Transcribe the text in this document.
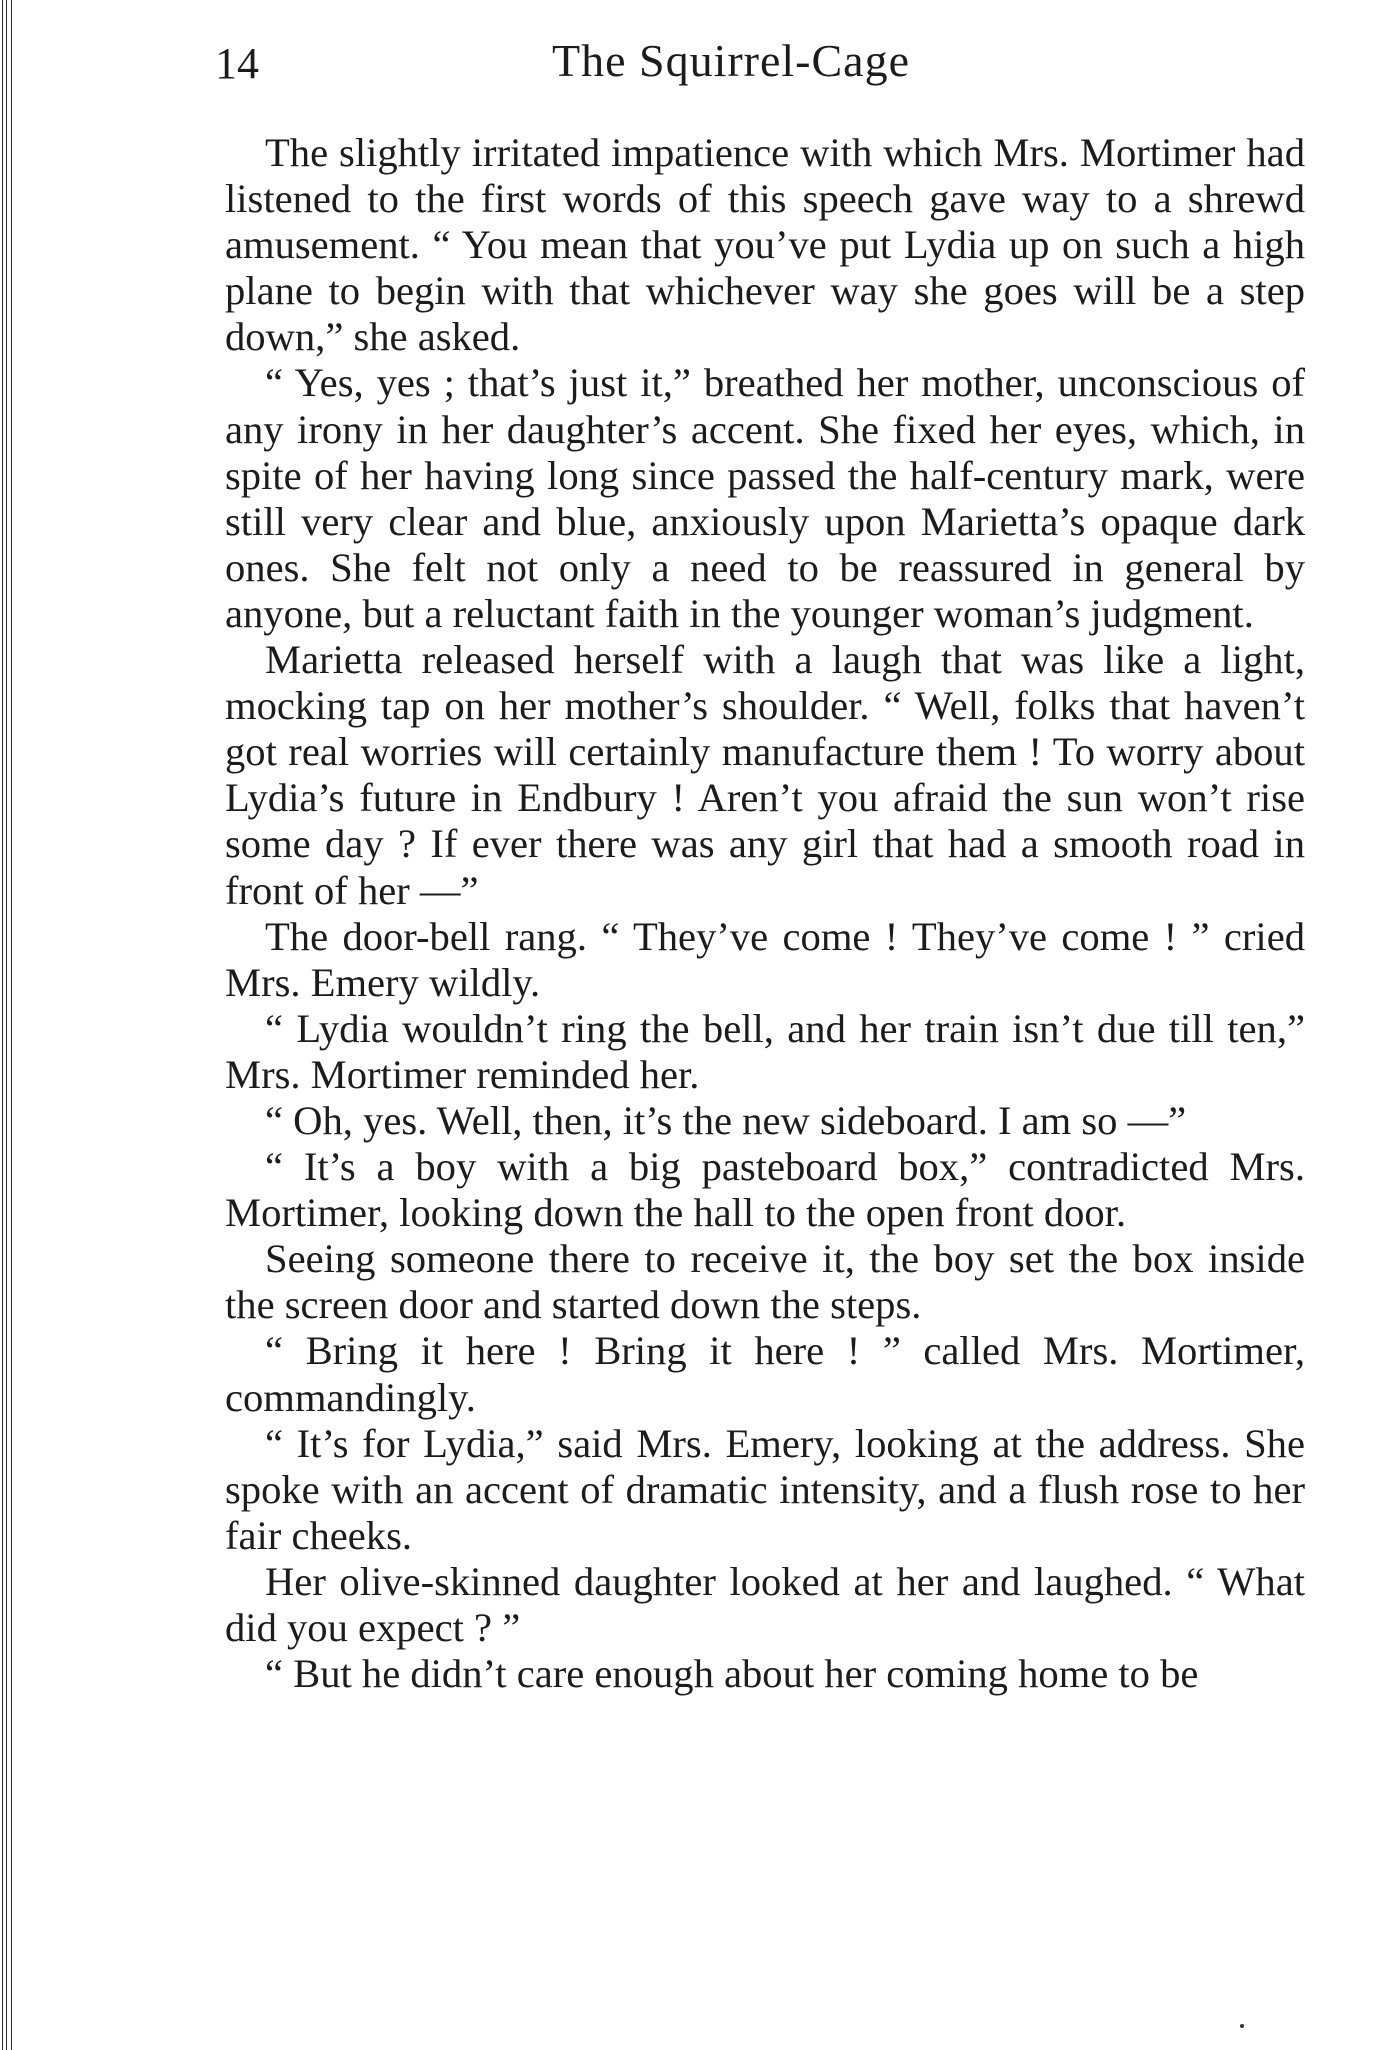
14	The Squirrel-Cage

The slightly irritated impatience with which Mrs. Mortimer had listened to the first words of this speech gave way to a shrewd amusement. “ You mean that you’ve put Lydia up on such a high plane to begin with that whichever way she goes will be a step down,” she asked.

“ Yes, yes ; that’s just it,” breathed her mother, unconscious of any irony in her daughter’s accent. She fixed her eyes, which, in spite of her having long since passed the half-century mark, were still very clear and blue, anxiously upon Marietta’s opaque dark ones. She felt not only a need to be reassured in general by anyone, but a reluctant faith in the younger woman’s judgment.

Marietta released herself with a laugh that was like a light, mocking tap on her mother’s shoulder. “ Well, folks that haven’t got real worries will certainly manufacture them ! To worry about Lydia’s future in Endbury ! Aren’t you afraid the sun won’t rise some day ? If ever there was any girl that had a smooth road in front of her —”

The door-bell rang. “ They’ve come ! They’ve come ! ” cried Mrs. Emery wildly.

“ Lydia wouldn’t ring the bell, and her train isn’t due till ten,” Mrs. Mortimer reminded her.

“ Oh, yes. Well, then, it’s the new sideboard. I am so —”

“ It’s a boy with a big pasteboard box,” contradicted Mrs. Mortimer, looking down the hall to the open front door.

Seeing someone there to receive it, the boy set the box inside the screen door and started down the steps.

“ Bring it here ! Bring it here ! ” called Mrs. Mortimer, commandingly.

“ It’s for Lydia,” said Mrs. Emery, looking at the address. She spoke with an accent of dramatic intensity, and a flush rose to her fair cheeks.

Her olive-skinned daughter looked at her and laughed. “ What did you expect ? ”

“ But he didn’t care enough about her coming home to be
